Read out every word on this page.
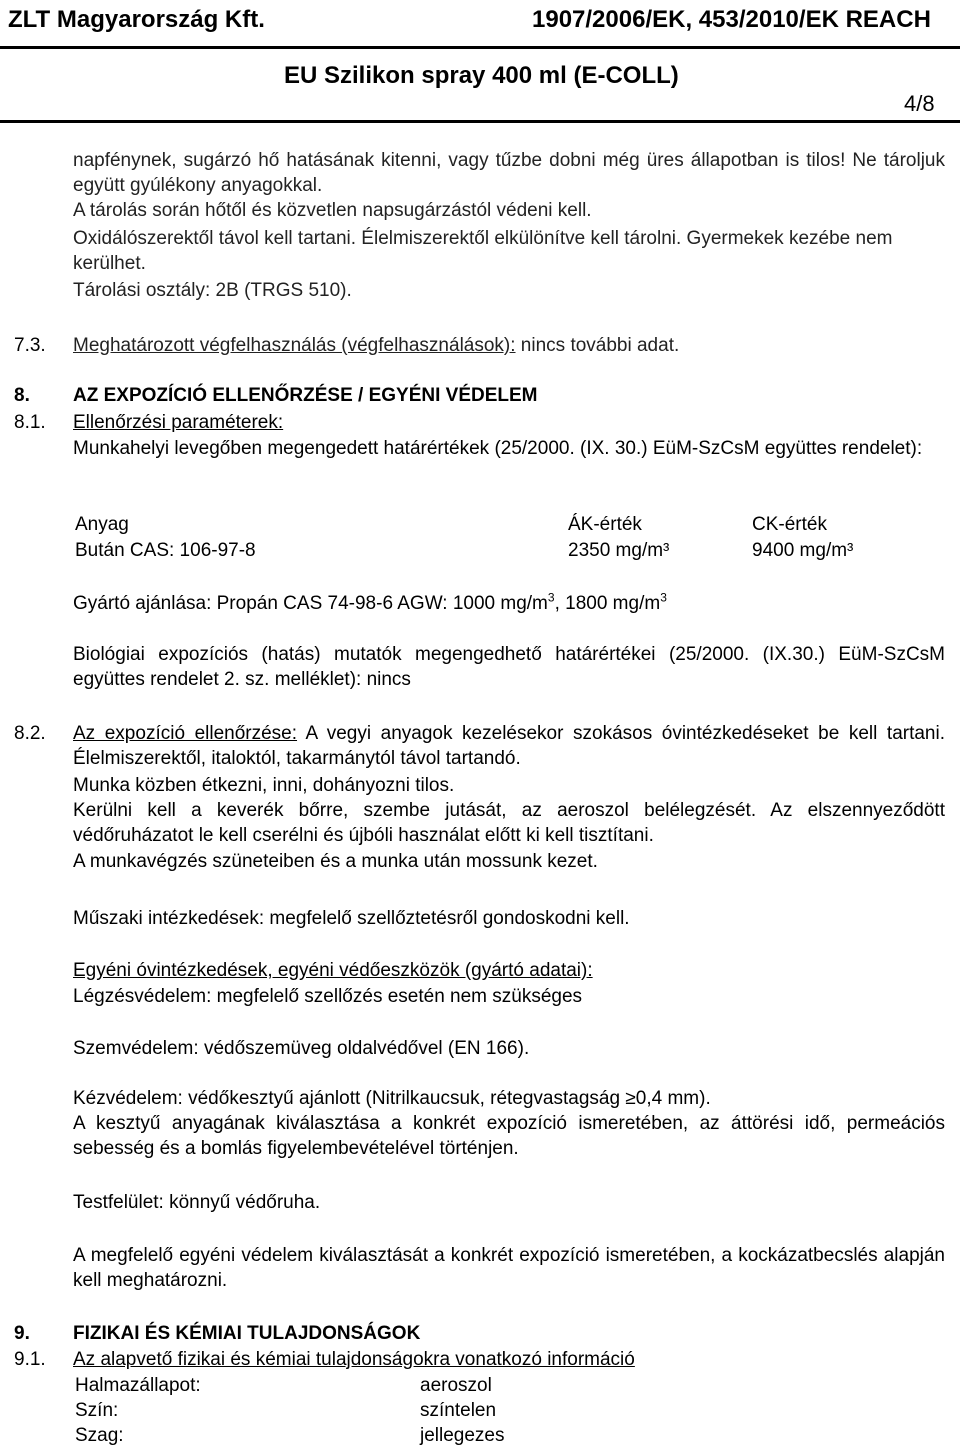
ZLT Magyarország Kft.	1907/2006/EK, 453/2010/EK REACH
EU Szilikon spray 400 ml (E-COLL)
4/8
napfénynek, sugárzó hő hatásának kitenni, vagy tűzbe dobni még üres állapotban is tilos! Ne tároljuk együtt gyúlékony anyagokkal.
A tárolás során hőtől és közvetlen napsugárzástól védeni kell.
Oxidálószerektől távol kell tartani. Élelmiszerektől elkülönítve kell tárolni. Gyermekek kezébe nem kerülhet.
Tárolási osztály: 2B (TRGS 510).
7.3. Meghatározott végfelhasználás (végfelhasználások): nincs további adat.
8. AZ EXPOZÍCIÓ ELLENŐRZÉSE / EGYÉNI VÉDELEM
8.1. Ellenőrzési paraméterek:
Munkahelyi levegőben megengedett határértékek (25/2000. (IX. 30.) EüM-SzCsM együttes rendelet):
Anyag	ÁK-érték	CK-érték
Bután CAS: 106-97-8	2350 mg/m³	9400 mg/m³
Gyártó ajánlása: Propán CAS 74-98-6 AGW: 1000 $mg/m^3$, 1800 $mg/m^3$
Biológiai expozíciós (hatás) mutatók megengedhető határértékei (25/2000. (IX.30.) EüM-SzCsM együttes rendelet 2. sz. melléklet): nincs
8.2. Az expozíció ellenőrzése: A vegyi anyagok kezelésekor szokásos óvintézkedéseket be kell tartani. Élelmiszerektől, italoktól, takarmánytól távol tartandó.
Munka közben étkezni, inni, dohányozni tilos.
Kerülni kell a keverék bőrre, szembe jutását, az aeroszol belélegzését. Az elszennyeződött védőruházatot le kell cserélni és újbóli használat előtt ki kell tisztítani.
A munkavégzés szüneteiben és a munka után mossunk kezet.
Műszaki intézkedések: megfelelő szellőztetésről gondoskodni kell.
Egyéni óvintézkedések, egyéni védőeszközök (gyártó adatai):
Légzésvédelem: megfelelő szellőzés esetén nem szükséges
Szemvédelem: védőszemüveg oldalvédővel (EN 166).
Kézvédelem: védőkesztyű ajánlott (Nitrilkaucsuk, rétegvastagság ≥0,4 mm).
A kesztyű anyagának kiválasztása a konkrét expozíció ismeretében, az áttörési idő, permeációs sebesség és a bomlás figyelembevételével történjen.
Testfelület: könnyű védőruha.
A megfelelő egyéni védelem kiválasztását a konkrét expozíció ismeretében, a kockázatbecslés alapján kell meghatározni.
9. FIZIKAI ÉS KÉMIAI TULAJDONSÁGOK
9.1. Az alapvető fizikai és kémiai tulajdonságokra vonatkozó információ
Halmazállapot:	aeroszol
Szín:	színtelen
Szag:	jellegezes
